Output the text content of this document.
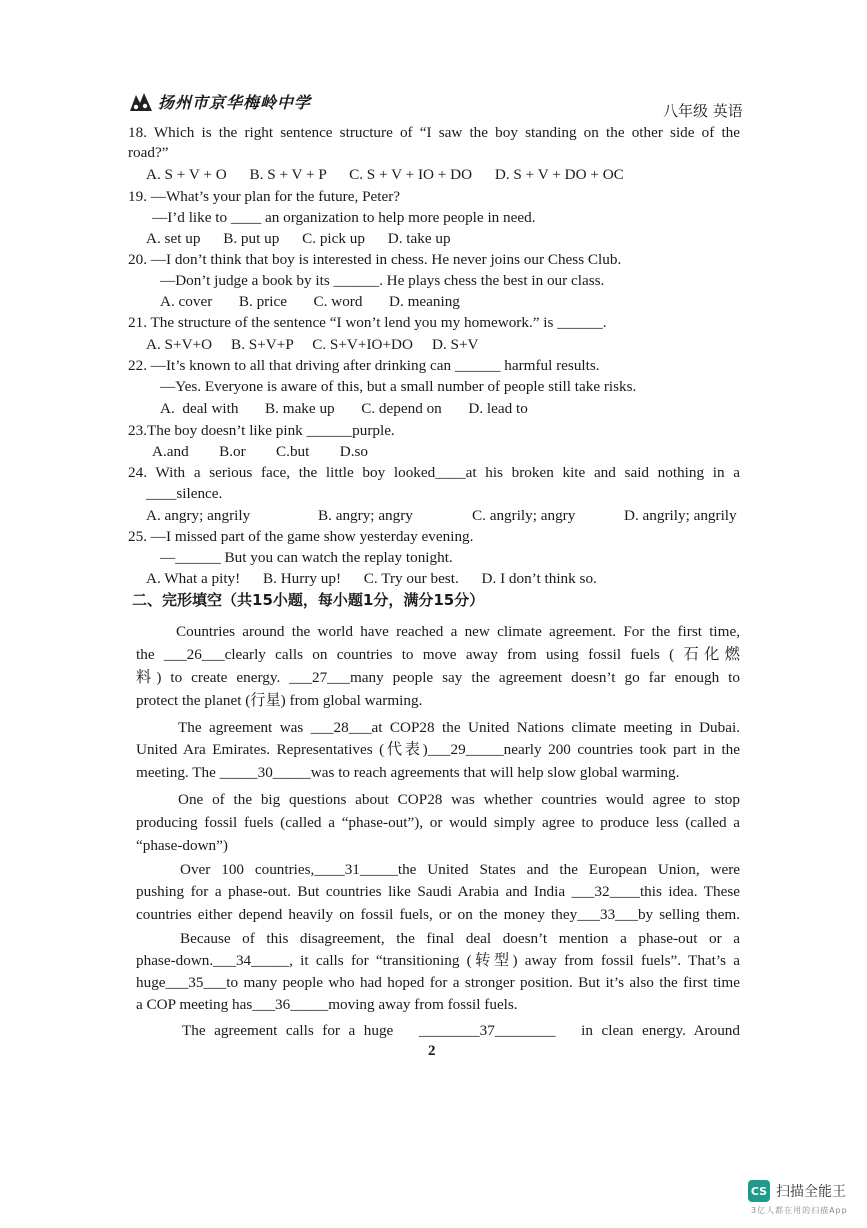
扬州市京华梅岭中学	八年级 英语
18. Which is the right sentence structure of “I saw the boy standing on the other side of the
road?”
A. S + V + O      B. S + V + P      C. S + V + IO + DO      D. S + V + DO + OC
19. —What’s your plan for the future, Peter?
—I’d like to ____ an organization to help more people in need.
A. set up      B. put up      C. pick up      D. take up
20. —I don’t think that boy is interested in chess. He never joins our Chess Club.
—Don’t judge a book by its ______. He plays chess the best in our class.
A. cover       B. price       C. word       D. meaning
21. The structure of the sentence “I won’t lend you my homework.” is ______.
A. S+V+O     B. S+V+P     C. S+V+IO+DO     D. S+V
22. —It’s known to all that driving after drinking can ______ harmful results.
—Yes. Everyone is aware of this, but a small number of people still take risks.
A.  deal with       B. make up       C. depend on       D. lead to
23.The boy doesn’t like pink ______purple.
A.and        B.or        C.but        D.so
24. With a serious face, the little boy looked____at his broken kite and said nothing in a
____silence.
A. angry; angrily	B. angry; angry	C. angrily; angry	D. angrily; angrily
25. —I missed part of the game show yesterday evening.
—______ But you can watch the replay tonight.
A. What a pity!      B. Hurry up!      C. Try our best.      D. I don’t think so.
二、完形填空（共15小题，每小题1分，满分15分）
Countries around the world have reached a new climate agreement. For the first time,
the ___26___clearly calls on countries to move away from using fossil fuels ( 石化燃
料) to create energy. ___27___many people say the agreement doesn’t go far enough to
protect the planet (行星) from global warming.
The agreement was ___28___at COP28 the United Nations climate meeting in Dubai.
United Ara Emirates. Representatives (代表)___29_____nearly 200 countries took part in the
meeting. The _____30_____was to reach agreements that will help slow global warming.
One of the big questions about COP28 was whether countries would agree to stop
producing fossil fuels (called a “phase-out”), or would simply agree to produce less (called a
“phase-down”)
Over 100 countries,____31_____the United States and the European Union, were
pushing for a phase-out. But countries like Saudi Arabia and India ___32____this idea. These
countries either depend heavily on fossil fuels, or on the money they___33___by selling them.
Because of this disagreement, the final deal doesn’t mention a phase-out or a
phase-down.___34_____, it calls for “transitioning (转型) away from fossil fuels”. That’s a
huge___35___to many people who had hoped for a stronger position. But it’s also the first time
a COP meeting has___36_____moving away from fossil fuels.
The agreement calls for a huge   ________37________   in clean energy. Around
2
CS 扫描全能王
3亿人都在用的扫描App
